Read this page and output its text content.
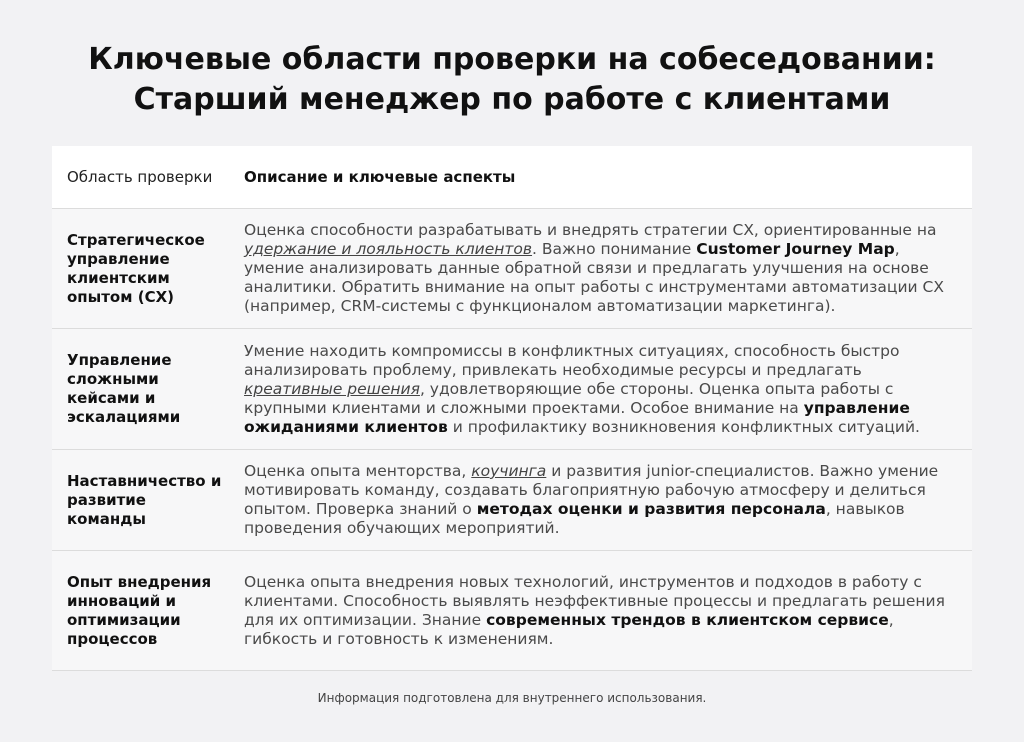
Ключевые области проверки на собеседовании:
Старший менеджер по работе с клиентами
Область проверки	Описание и ключевые аспекты
Стратегическое управление клиентским опытом (CX)
Оценка способности разрабатывать и внедрять стратегии CX, ориентированные на удержание и лояльность клиентов. Важно понимание Customer Journey Map, умение анализировать данные обратной связи и предлагать улучшения на основе аналитики. Обратить внимание на опыт работы с инструментами автоматизации CX (например, CRM-системы с функционалом автоматизации маркетинга).
Управление сложными кейсами и эскалациями
Умение находить компромиссы в конфликтных ситуациях, способность быстро анализировать проблему, привлекать необходимые ресурсы и предлагать креативные решения, удовлетворяющие обе стороны. Оценка опыта работы с крупными клиентами и сложными проектами. Особое внимание на управление ожиданиями клиентов и профилактику возникновения конфликтных ситуаций.
Наставничество и развитие команды
Оценка опыта менторства, коучинга и развития junior-специалистов. Важно умение мотивировать команду, создавать благоприятную рабочую атмосферу и делиться опытом. Проверка знаний о методах оценки и развития персонала, навыков проведения обучающих мероприятий.
Опыт внедрения инноваций и оптимизации процессов
Оценка опыта внедрения новых технологий, инструментов и подходов в работу с клиентами. Способность выявлять неэффективные процессы и предлагать решения для их оптимизации. Знание современных трендов в клиентском сервисе, гибкость и готовность к изменениям.
Информация подготовлена для внутреннего использования.
